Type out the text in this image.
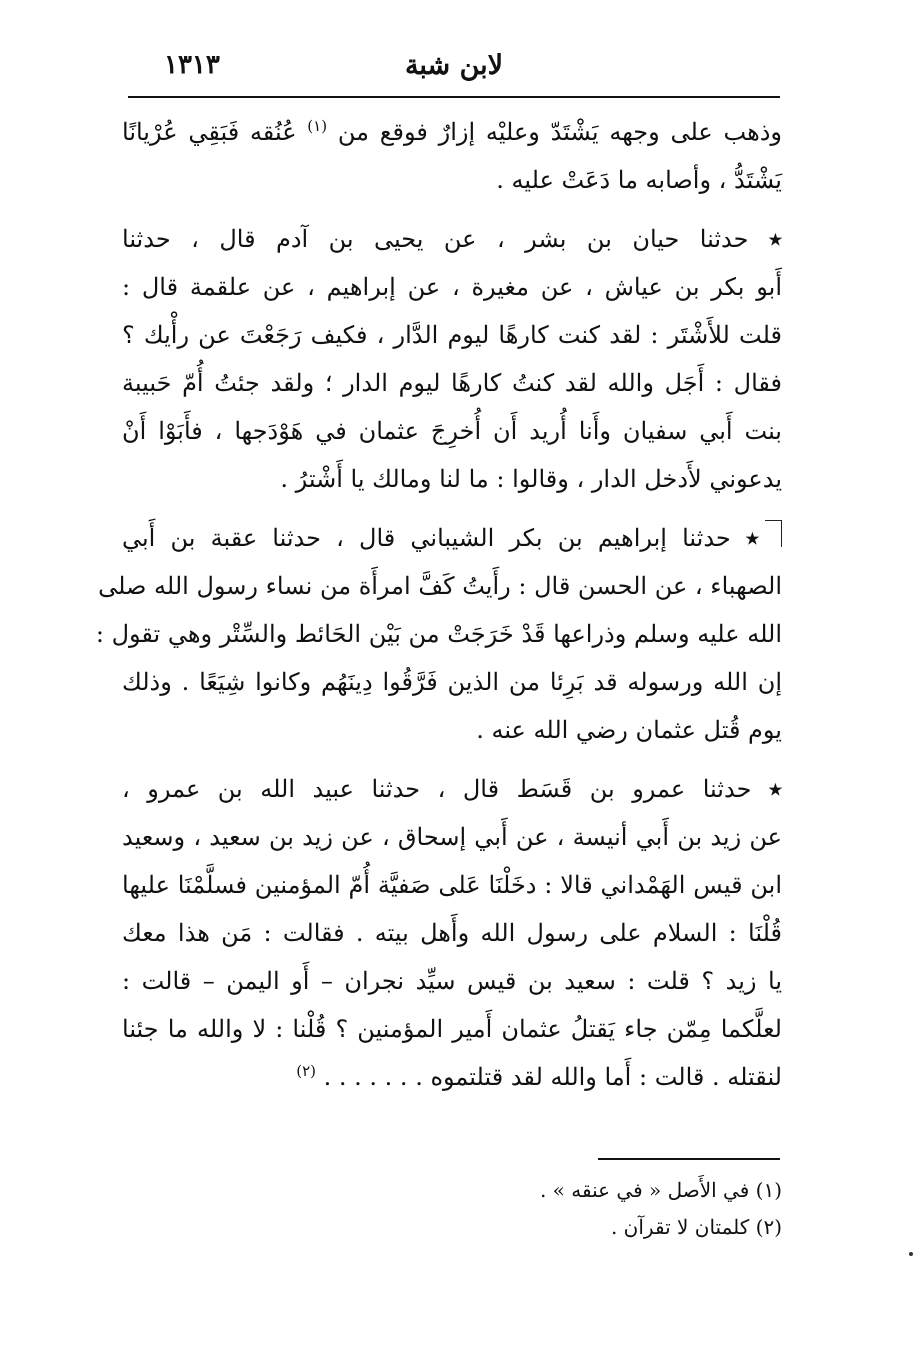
لابن شبة
١٣١٣

وذهب على وجهه يَشْتَدّ وعليْه إزارٌ فوقع من $^{(١)}$ عُنُقه فَبَقِي عُرْيانًا
يَشْتَدُّ ، وأصابه ما دَعَتْ عليه .

٭ حدثنا حيان بن بشر ، عن يحيى بن آدم قال ، حدثنا
أَبو بكر بن عياش ، عن مغيرة ، عن إبراهيم ، عن علقمة قال :
قلت للأَشْتَر : لقد كنت كارهًا ليوم الدَّار ، فكيف رَجَعْتَ عن رأْيك ؟
فقال : أَجَل والله لقد كنتُ كارهًا ليوم الدار ؛ ولقد جئتُ أُمّ حَبيبة
بنت أَبي سفيان وأَنا أُريد أَن أُخرِجَ عثمان في هَوْدَجها ، فأَبَوْا أَنْ
يدعوني لأَدخل الدار ، وقالوا : ما لنا ومالك يا أَشْترُ .

٭ حدثنا إبراهيم بن بكر الشيباني قال ، حدثنا عقبة بن أَبي
الصهباء ، عن الحسن قال : رأَيتُ كَفَّ امرأَة من نساء رسول الله صلى
الله عليه وسلم وذراعها قَدْ خَرَجَتْ من بَيْن الحَائط والسِّتْر وهي تقول :
إن الله ورسوله قد بَرِئا من الذين فَرَّقُوا دِينَهُم وكانوا شِيَعًا . وذلك
يوم قُتل عثمان رضي الله عنه .

٭ حدثنا عمرو بن قَسَط قال ، حدثنا عبيد الله بن عمرو ،
عن زيد بن أَبي أنيسة ، عن أَبي إسحاق ، عن زيد بن سعيد ، وسعيد
ابن قيس الهَمْداني قالا : دخَلْنَا عَلى صَفيَّة أُمّ المؤمنين فسلَّمْنَا عليها
قُلْنَا : السلام على رسول الله وأَهل بيته . فقالت : مَن هذا معك
يا زيد ؟ قلت : سعيد بن قيس سيِّد نجران – أَو اليمن – قالت :
لعلَّكما مِمّن جاء يَقتلُ عثمان أَمير المؤمنين ؟ قُلْنا : لا والله ما جئنا
لنقتله . قالت : أَما والله لقد قتلتموه . . . . . . . $^{(٢)}$

(١) في الأَصل « في عنقه » .
(٢) كلمتان لا تقرآن .
